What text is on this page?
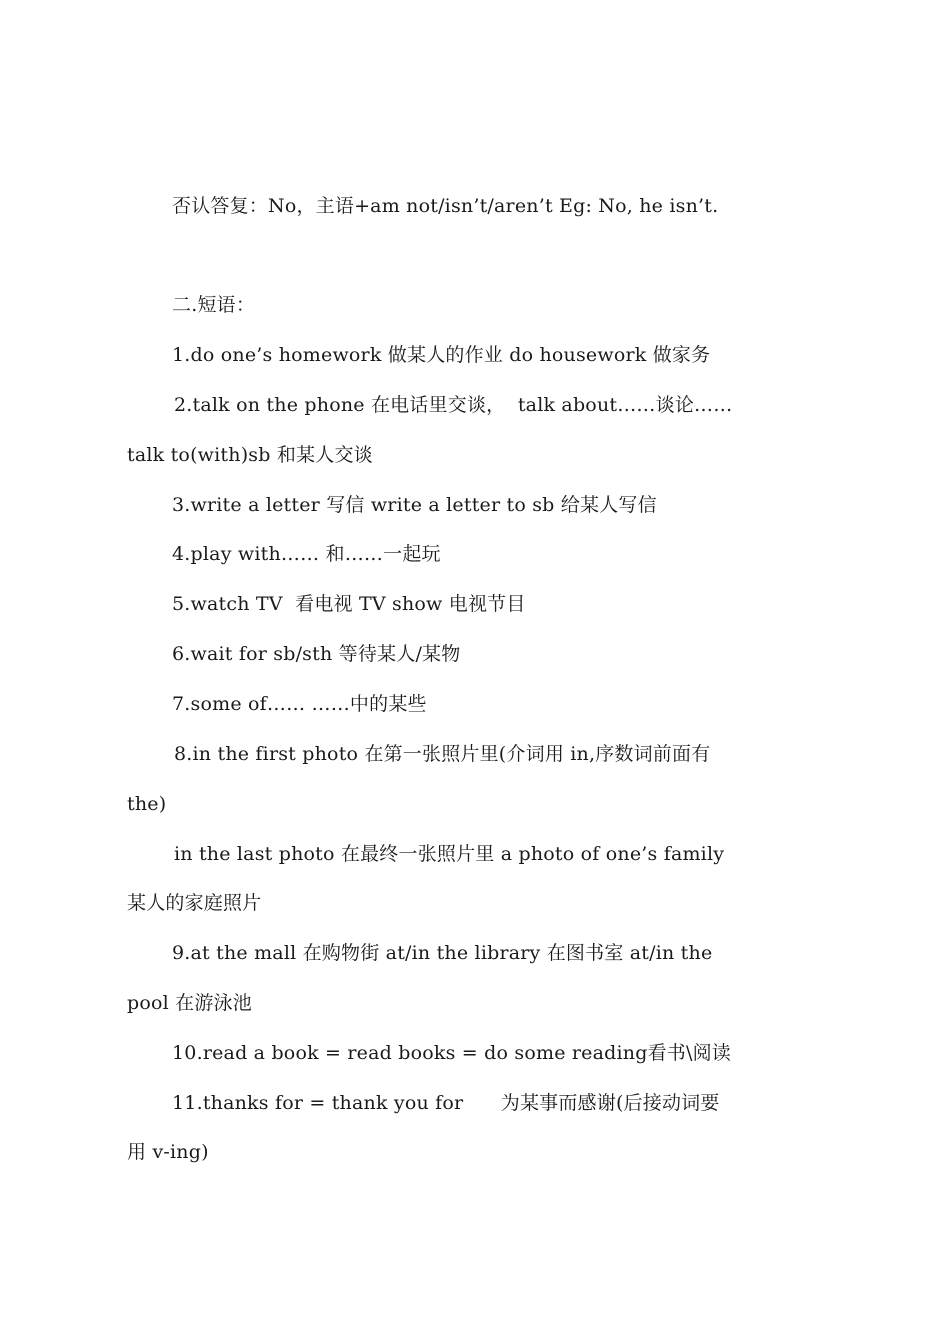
否认答复：No，主语+am not/isn’t/aren’t Eg: No, he isn’t.
二.短语：
1.do one’s homework 做某人的作业 do housework 做家务
2.talk on the phone 在电话里交谈，  talk about……谈论……
talk to(with)sb 和某人交谈
3.write a letter 写信 write a letter to sb 给某人写信
4.play with…… 和……一起玩
5.watch TV  看电视 TV show 电视节目
6.wait for sb/sth 等待某人/某物
7.some of…… ……中的某些
8.in the first photo 在第一张照片里(介词用 in,序数词前面有
the)
in the last photo 在最终一张照片里 a photo of one’s family
某人的家庭照片
9.at the mall 在购物街 at/in the library 在图书室 at/in the
pool 在游泳池
10.read a book = read books = do some reading看书\阅读
11.thanks for = thank you for      为某事而感谢(后接动词要
用 v-ing)
